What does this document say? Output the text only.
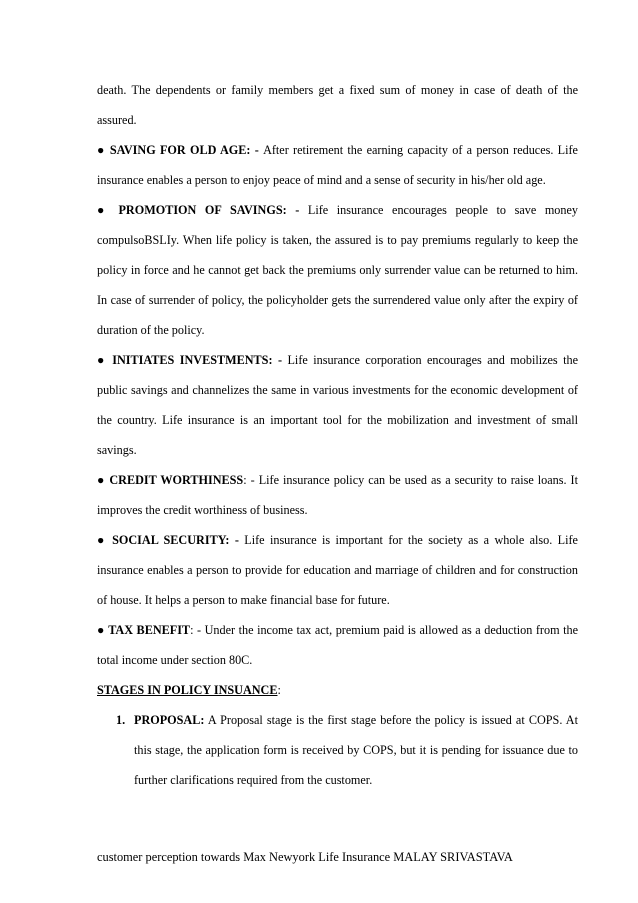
death. The dependents or family members get a fixed sum of money in case of death of the assured.

● SAVING FOR OLD AGE: - After retirement the earning capacity of a person reduces. Life insurance enables a person to enjoy peace of mind and a sense of security in his/her old age.

● PROMOTION OF SAVINGS: - Life insurance encourages people to save money compulsoBSLIy. When life policy is taken, the assured is to pay premiums regularly to keep the policy in force and he cannot get back the premiums only surrender value can be returned to him. In case of surrender of policy, the policyholder gets the surrendered value only after the expiry of duration of the policy.

● INITIATES INVESTMENTS: - Life insurance corporation encourages and mobilizes the public savings and channelizes the same in various investments for the economic development of the country. Life insurance is an important tool for the mobilization and investment of small savings.

● CREDIT WORTHINESS: - Life insurance policy can be used as a security to raise loans. It improves the credit worthiness of business.

● SOCIAL SECURITY: - Life insurance is important for the society as a whole also. Life insurance enables a person to provide for education and marriage of children and for construction of house. It helps a person to make financial base for future.

● TAX BENEFIT: - Under the income tax act, premium paid is allowed as a deduction from the total income under section 80C.

STAGES IN POLICY INSUANCE:

1. PROPOSAL: A Proposal stage is the first stage before the policy is issued at COPS. At this stage, the application form is received by COPS, but it is pending for issuance due to further clarifications required from the customer.
customer perception towards Max Newyork Life Insurance MALAY SRIVASTAVA
